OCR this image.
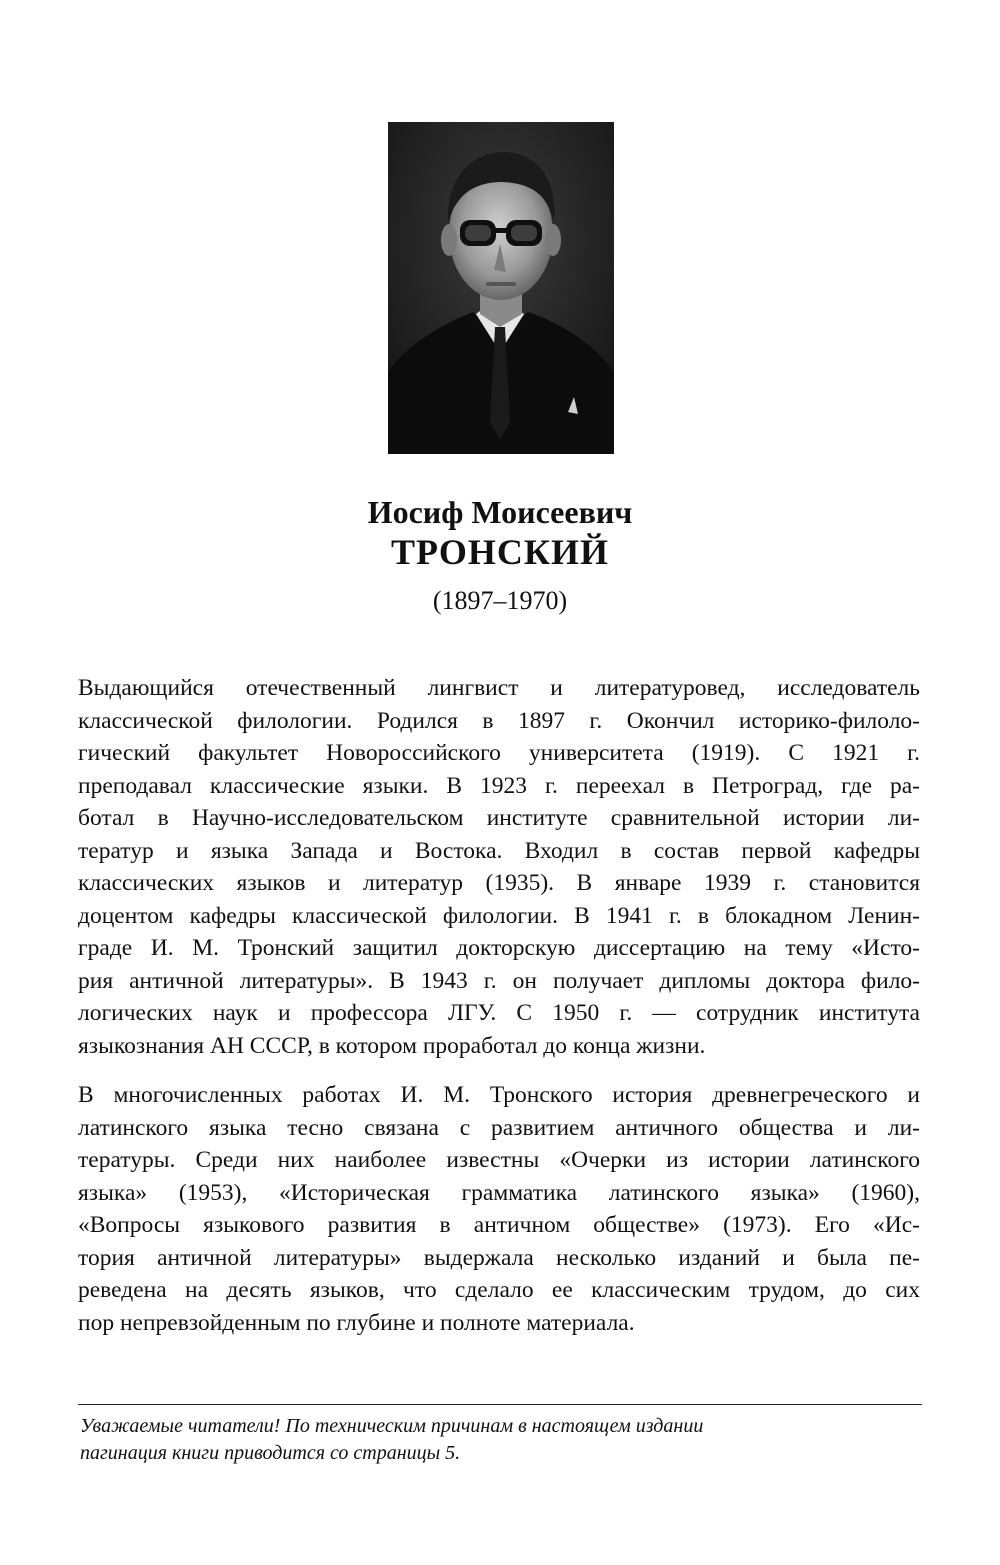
Иосиф Моисеевич
ТРОНСКИЙ
(1897–1970)

Выдающийся отечественный лингвист и литературовед, исследователь
классической филологии. Родился в 1897 г. Окончил историко-филоло-
гический факультет Новороссийского университета (1919). С 1921 г.
преподавал классические языки. В 1923 г. переехал в Петроград, где ра-
ботал в Научно-исследовательском институте сравнительной истории ли-
тератур и языка Запада и Востока. Входил в состав первой кафедры
классических языков и литератур (1935). В январе 1939 г. становится
доцентом кафедры классической филологии. В 1941 г. в блокадном Ленин-
граде И. М. Тронский защитил докторскую диссертацию на тему «Исто-
рия античной литературы». В 1943 г. он получает дипломы доктора фило-
логических наук и профессора ЛГУ. С 1950 г. — сотрудник института
языкознания АН СССР, в котором проработал до конца жизни.

В многочисленных работах И. М. Тронского история древнегреческого и
латинского языка тесно связана с развитием античного общества и ли-
тературы. Среди них наиболее известны «Очерки из истории латинского
языка» (1953), «Историческая грамматика латинского языка» (1960),
«Вопросы языкового развития в античном обществе» (1973). Его «Ис-
тория античной литературы» выдержала несколько изданий и была пе-
реведена на десять языков, что сделало ее классическим трудом, до сих
пор непревзойденным по глубине и полноте материала.

Уважаемые читатели! По техническим причинам в настоящем издании
пагинация книги приводится со страницы 5.
